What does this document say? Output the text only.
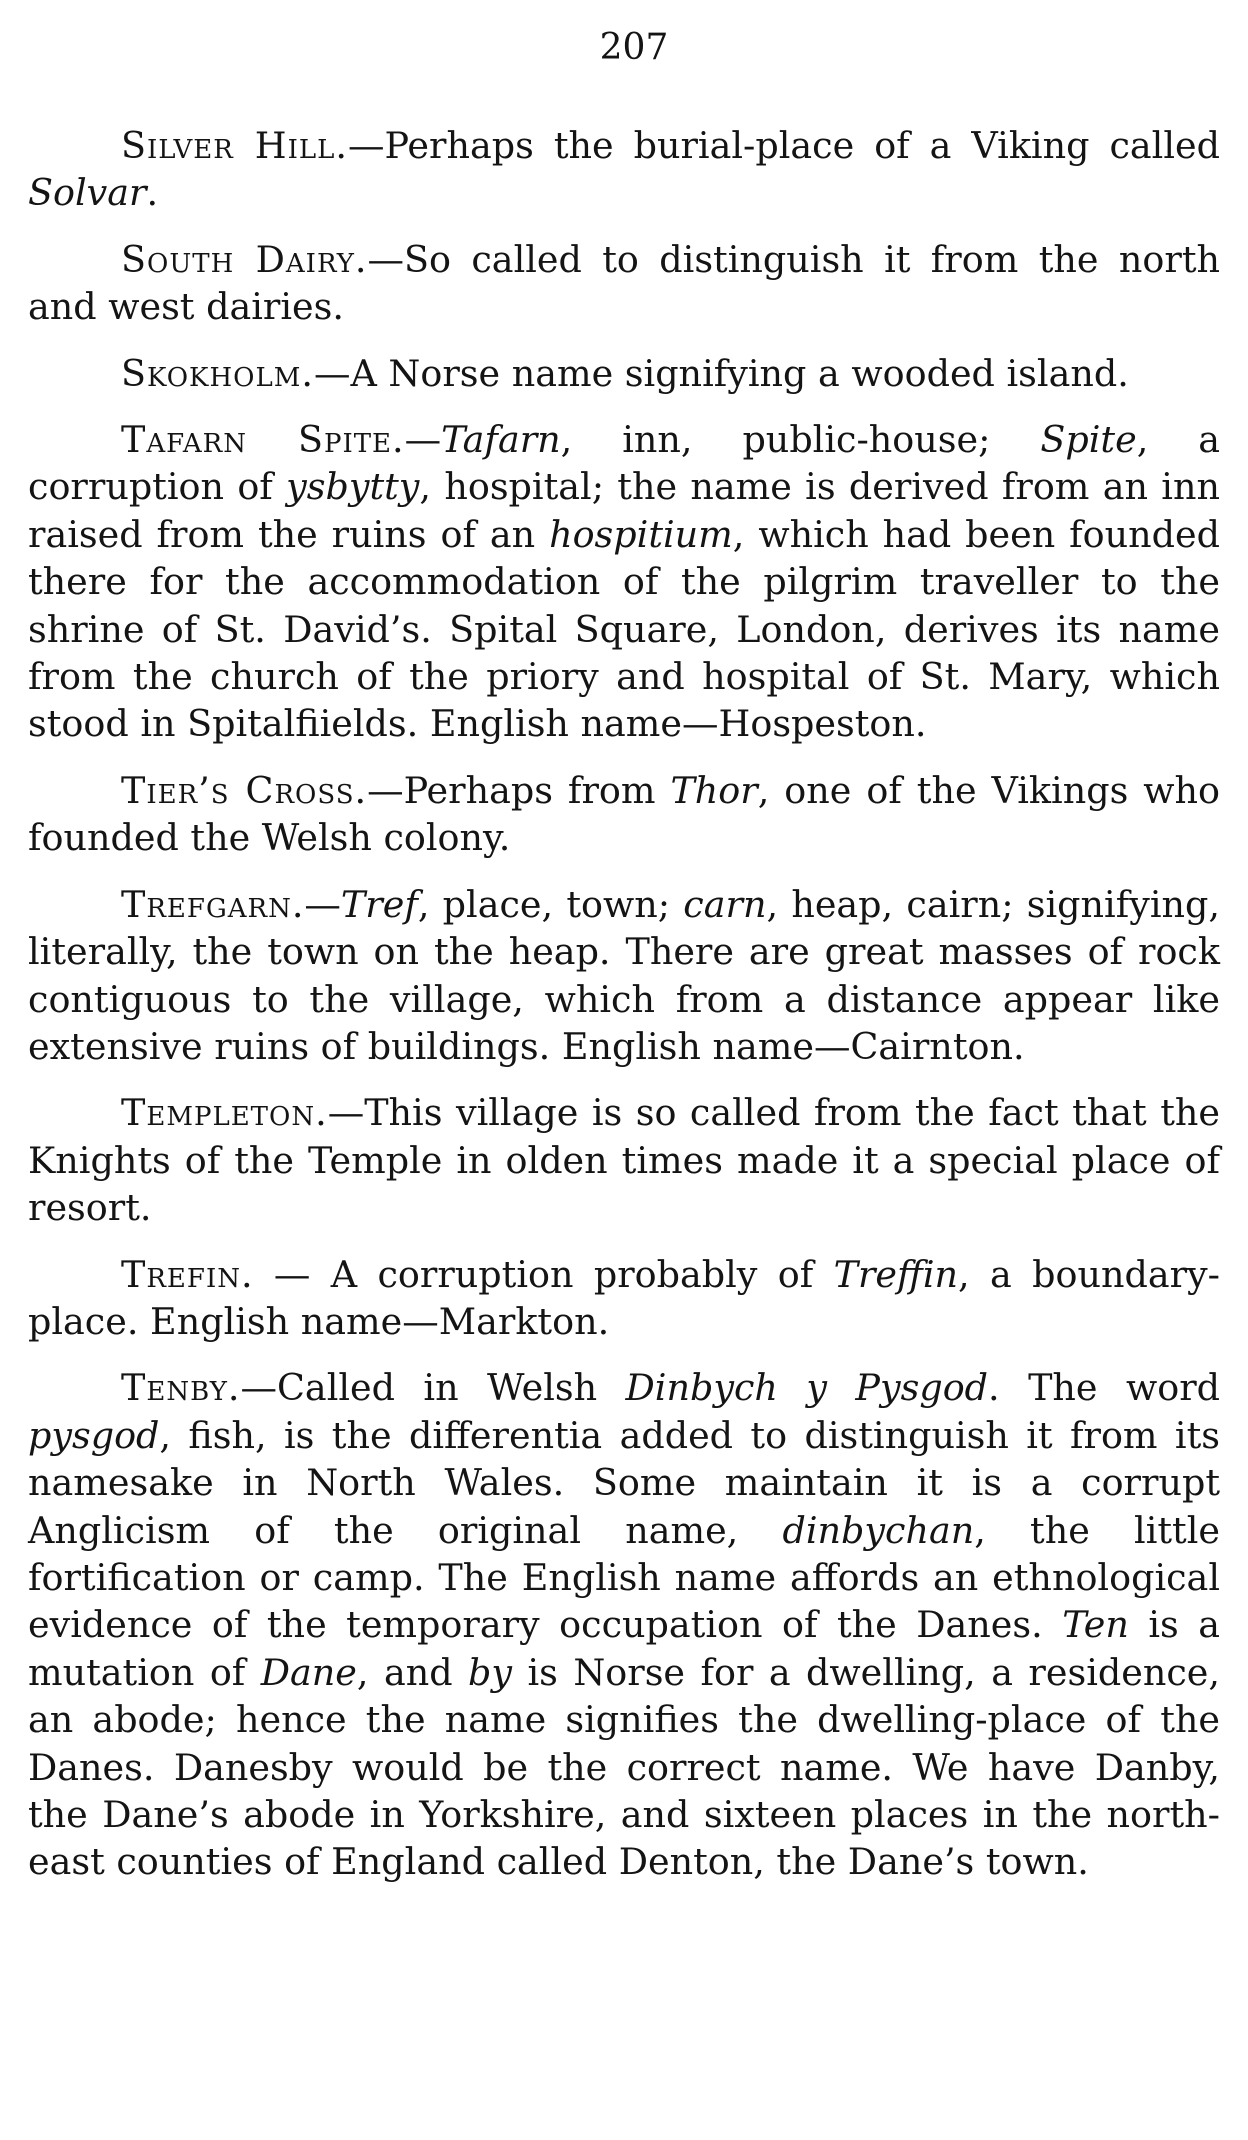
207

Silver Hill.—Perhaps the burial-place of a Viking called Solvar.

South Dairy.—So called to distinguish it from the north and west dairies.

Skokholm.—A Norse name signifying a wooded island.

Tafarn Spite.—Tafarn, inn, public-house; Spite, a corruption of ysbytty, hospital; the name is derived from an inn raised from the ruins of an hospitium, which had been founded there for the accommodation of the pilgrim traveller to the shrine of St. David’s. Spital Square, London, derives its name from the church of the priory and hospital of St. Mary, which stood in Spitalfiields. English name—Hospeston.

Tier’s Cross.—Perhaps from Thor, one of the Vikings who founded the Welsh colony.

Trefgarn.—Tref, place, town; carn, heap, cairn; signifying, literally, the town on the heap. There are great masses of rock contiguous to the village, which from a distance appear like extensive ruins of buildings. English name—Cairnton.

Templeton.—This village is so called from the fact that the Knights of the Temple in olden times made it a special place of resort.

Trefin. — A corruption probably of Treffin, a boundary-place. English name—Markton.

Tenby.—Called in Welsh Dinbych y Pysgod. The word pysgod, fish, is the differentia added to distinguish it from its namesake in North Wales. Some maintain it is a corrupt Anglicism of the original name, dinbychan, the little fortification or camp. The English name affords an ethnological evidence of the temporary occupation of the Danes. Ten is a mutation of Dane, and by is Norse for a dwelling, a residence, an abode; hence the name signifies the dwelling-place of the Danes. Danesby would be the correct name. We have Danby, the Dane’s abode in Yorkshire, and sixteen places in the north-east counties of England called Denton, the Dane’s town.
